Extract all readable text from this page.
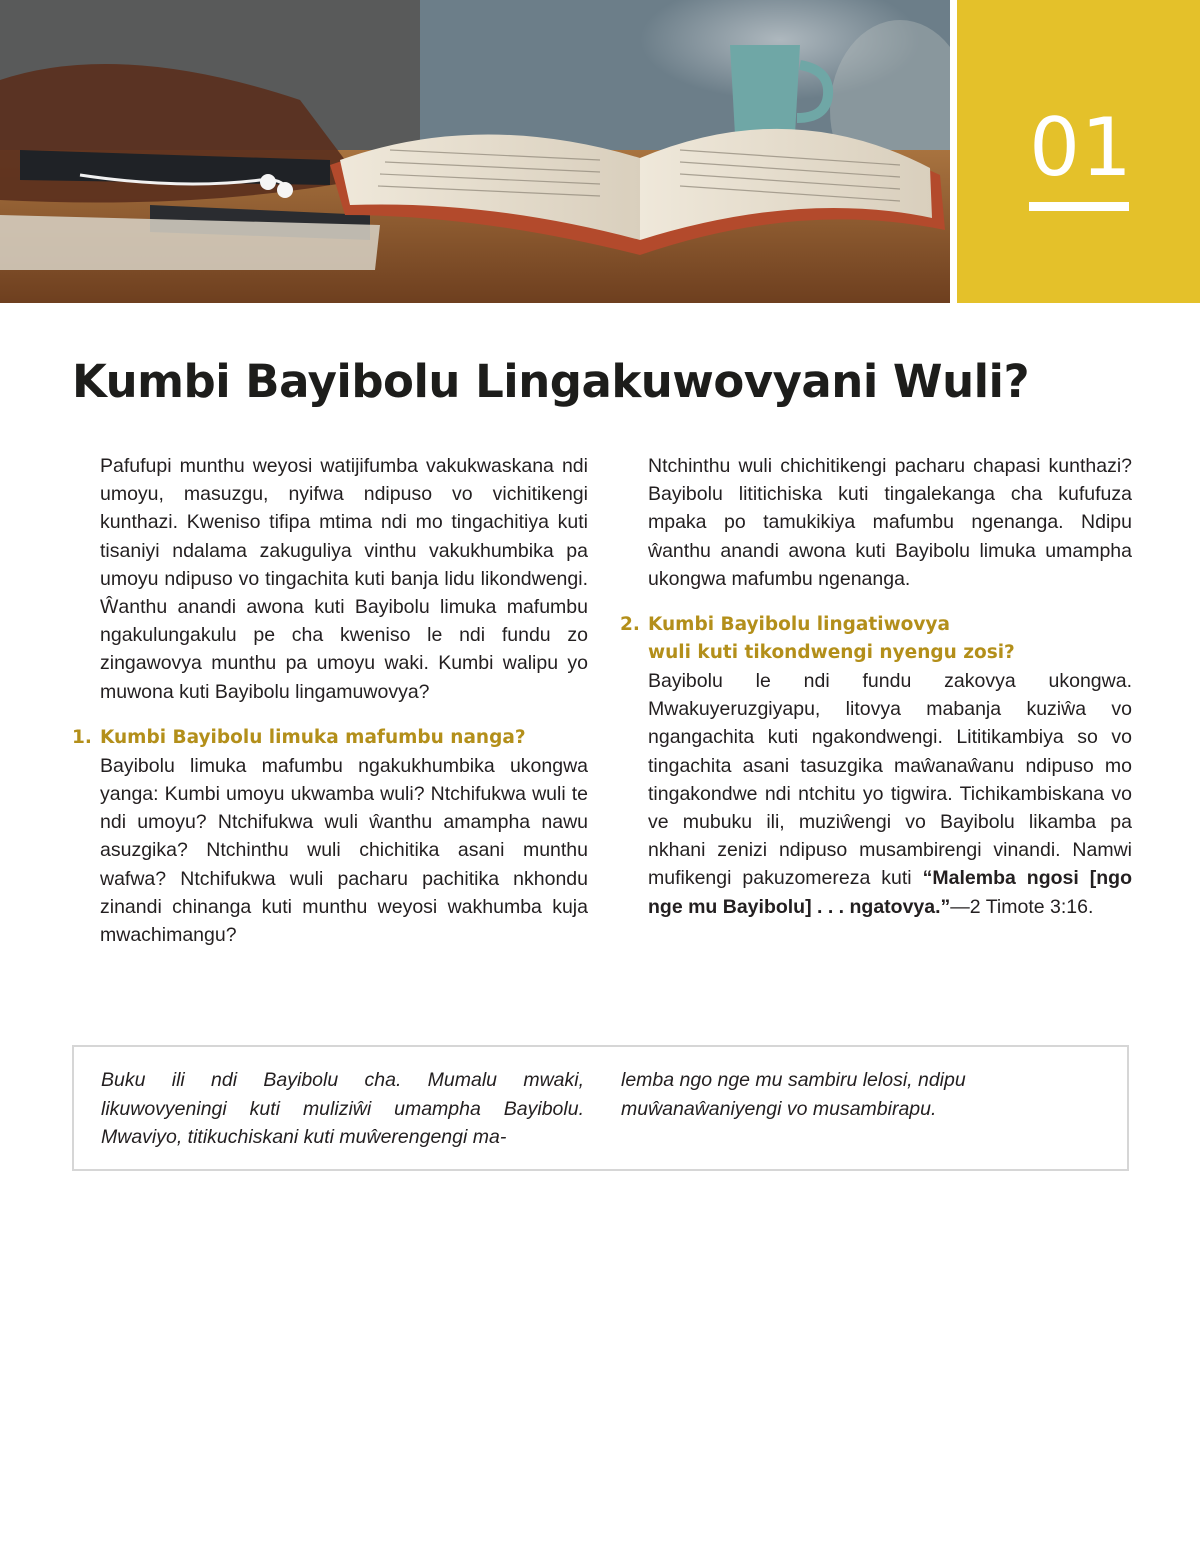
01
Kumbi Bayibolu Lingakuwovyani Wuli?

Pafufupi munthu weyosi watijifumba vakukwaskana ndi umoyu, masuzgu, nyifwa ndipuso vo vichitikengi kunthazi. Kweniso tifipa mtima ndi mo tingachitiya kuti tisaniyi ndalama zakuguliya vinthu vakukhumbika pa umoyu ndipuso vo tingachita kuti banja lidu likondwengi. Ŵanthu anandi awona kuti Bayibolu limuka mafumbu ngakulungakulu pe cha kweniso le ndi fundu zo zingawovya munthu pa umoyu waki. Kumbi walipu yo muwona kuti Bayibolu lingamuwovya?

1. Kumbi Bayibolu limuka mafumbu nanga?

Bayibolu limuka mafumbu ngakukhumbika ukongwa yanga: Kumbi umoyu ukwamba wuli? Ntchifukwa wuli te ndi umoyu? Ntchifukwa wuli ŵanthu amampha nawu asuzgika? Ntchinthu wuli chichitika asani munthu wafwa? Ntchifukwa wuli pacharu pachitika nkhondu zinandi chinanga kuti munthu weyosi wakhumba kuja mwachimangu?

Ntchinthu wuli chichitikengi pacharu chapasi kunthazi? Bayibolu lititichiska kuti tingalekanga cha kufufuza mpaka po tamukikiya mafumbu ngenanga. Ndipu ŵanthu anandi awona kuti Bayibolu limuka umampha ukongwa mafumbu ngenanga.

2. Kumbi Bayibolu lingatiwovya
wuli kuti tikondwengi nyengu zosi?

Bayibolu le ndi fundu zakovya ukongwa. Mwakuyeruzgiyapu, litovya mabanja kuziŵa vo ngangachita kuti ngakondwengi. Lititikambiya so vo tingachita asani tasuzgika maŵanaŵanu ndipuso mo tingakondwe ndi ntchitu yo tigwira. Tichikambiskana vo ve mubuku ili, muziŵengi vo Bayibolu likamba pa nkhani zenizi ndipuso musambirengi vinandi. Namwi mufikengi pakuzomereza kuti “Malemba ngosi [ngo nge mu Bayibolu] . . . ngatovya.”—2 Timote 3:16.

Buku ili ndi Bayibolu cha. Mumalu mwaki, likuwovyeningi kuti muliziŵi umampha Bayibolu. Mwaviyo, titikuchiskani kuti muŵerengengi ma-

lemba ngo nge mu sambiru lelosi, ndipu muŵanaŵaniyengi vo musambirapu.
